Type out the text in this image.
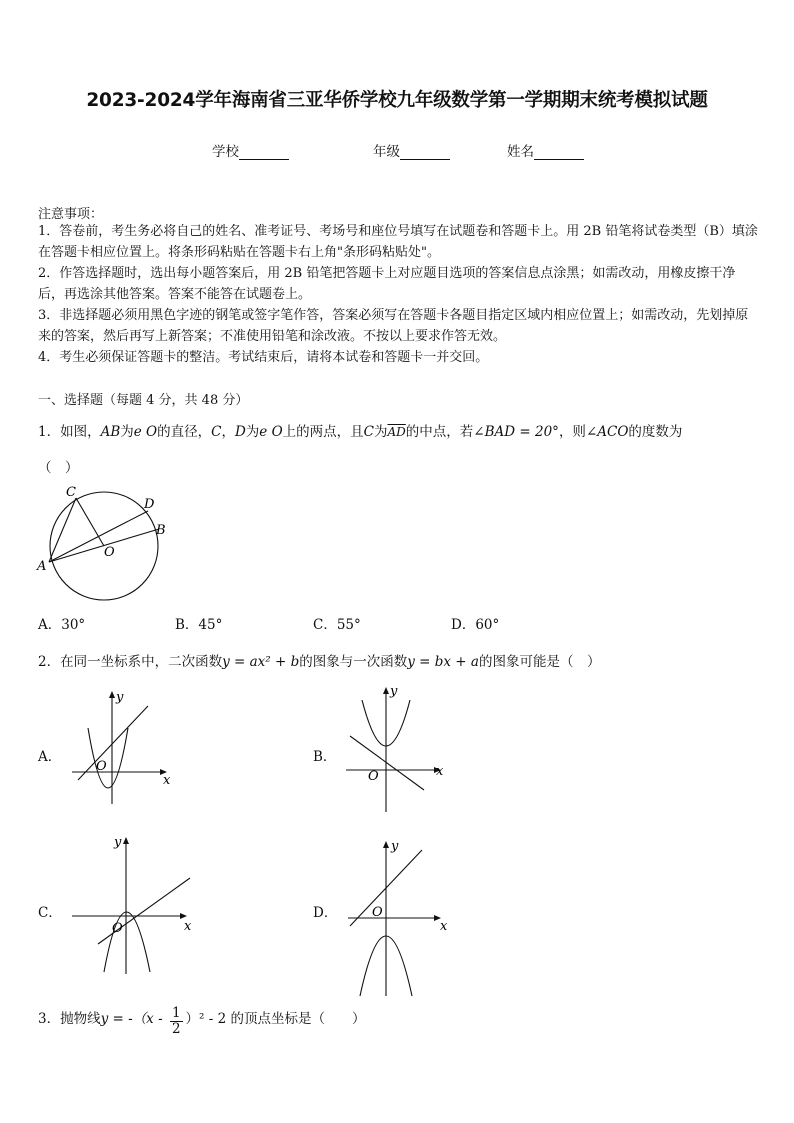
2023-2024学年海南省三亚华侨学校九年级数学第一学期期末统考模拟试题
学校	年级	姓名
注意事项：
1．答卷前，考生务必将自己的姓名、准考证号、考场号和座位号填写在试题卷和答题卡上。用 2B 铅笔将试卷类型（B）填涂在答题卡相应位置上。将条形码粘贴在答题卡右上角"条形码粘贴处"。
2．作答选择题时，选出每小题答案后，用 2B 铅笔把答题卡上对应题目选项的答案信息点涂黑；如需改动，用橡皮擦干净后，再选涂其他答案。答案不能答在试题卷上。
3．非选择题必须用黑色字迹的钢笔或签字笔作答，答案必须写在答题卡各题目指定区域内相应位置上；如需改动，先划掉原来的答案，然后再写上新答案；不准使用铅笔和涂改液。不按以上要求作答无效。
4．考生必须保证答题卡的整洁。考试结束后，请将本试卷和答题卡一并交回。
一、选择题（每题 4 分，共 48 分）
1．如图，AB为e O的直径，C，D为e O上的两点，且C为$\overline{AD}$的中点，若∠BAD = 20°，则∠ACO的度数为
（　）
A
B
C
D
O
A．30°	B．45°	C．55°	D．60°
2．在同一坐标系中，二次函数y = ax² + b的图象与一次函数y = bx + a的图象可能是（　）
A．
O
x
y
B．
O	x
y
C．
O	x
y
D．	O
x
y
3．抛物线$y = -(x - \frac{1}{2} )^2 - 2$ 的顶点坐标是（　　）
